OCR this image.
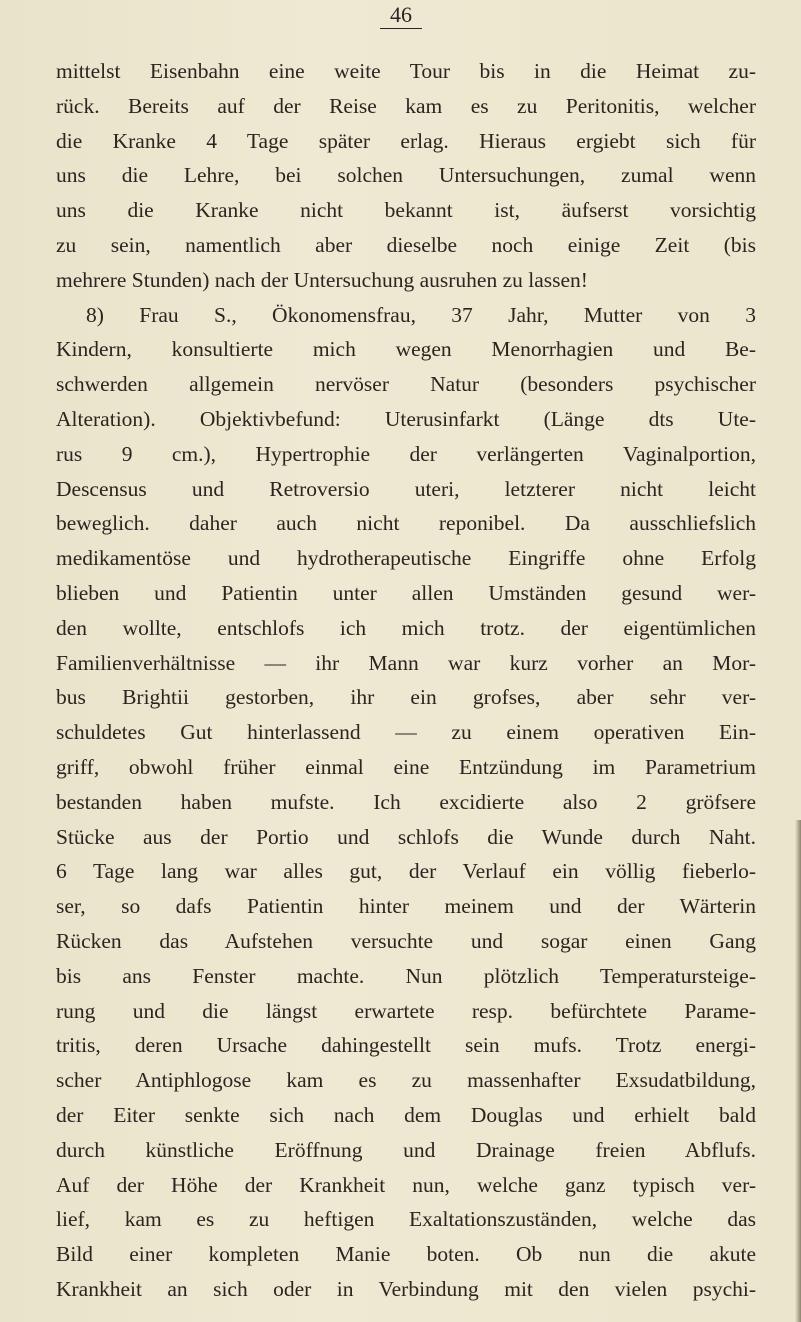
46
mittelst Eisenbahn eine weite Tour bis in die Heimat zu-
rück. Bereits auf der Reise kam es zu Peritonitis, welcher
die Kranke 4 Tage später erlag. Hieraus ergiebt sich für
uns die Lehre, bei solchen Untersuchungen, zumal wenn
uns die Kranke nicht bekannt ist, äufserst vorsichtig
zu sein, namentlich aber dieselbe noch einige Zeit (bis
mehrere Stunden) nach der Untersuchung ausruhen zu lassen!
8) Frau S., Ökonomensfrau, 37 Jahr, Mutter von 3
Kindern, konsultierte mich wegen Menorrhagien und Be-
schwerden allgemein nervöser Natur (besonders psychischer
Alteration). Objektivbefund: Uterusinfarkt (Länge dts Ute-
rus 9 cm.), Hypertrophie der verlängerten Vaginalportion,
Descensus und Retroversio uteri, letzterer nicht leicht
beweglich. daher auch nicht reponibel. Da ausschliefslich
medikamentöse und hydrotherapeutische Eingriffe ohne Erfolg
blieben und Patientin unter allen Umständen gesund wer-
den wollte, entschlofs ich mich trotz. der eigentümlichen
Familienverhältnisse — ihr Mann war kurz vorher an Mor-
bus Brightii gestorben, ihr ein grofses, aber sehr ver-
schuldetes Gut hinterlassend — zu einem operativen Ein-
griff, obwohl früher einmal eine Entzündung im Parametrium
bestanden haben mufste. Ich excidierte also 2 gröfsere
Stücke aus der Portio und schlofs die Wunde durch Naht.
6 Tage lang war alles gut, der Verlauf ein völlig fieberlo-
ser, so dafs Patientin hinter meinem und der Wärterin
Rücken das Aufstehen versuchte und sogar einen Gang
bis ans Fenster machte. Nun plötzlich Temperatursteige-
rung und die längst erwartete resp. befürchtete Parame-
tritis, deren Ursache dahingestellt sein mufs. Trotz energi-
scher Antiphlogose kam es zu massenhafter Exsudatbildung,
der Eiter senkte sich nach dem Douglas und erhielt bald
durch künstliche Eröffnung und Drainage freien Abflufs.
Auf der Höhe der Krankheit nun, welche ganz typisch ver-
lief, kam es zu heftigen Exaltationszuständen, welche das
Bild einer kompleten Manie boten. Ob nun die akute
Krankheit an sich oder in Verbindung mit den vielen psychi-
